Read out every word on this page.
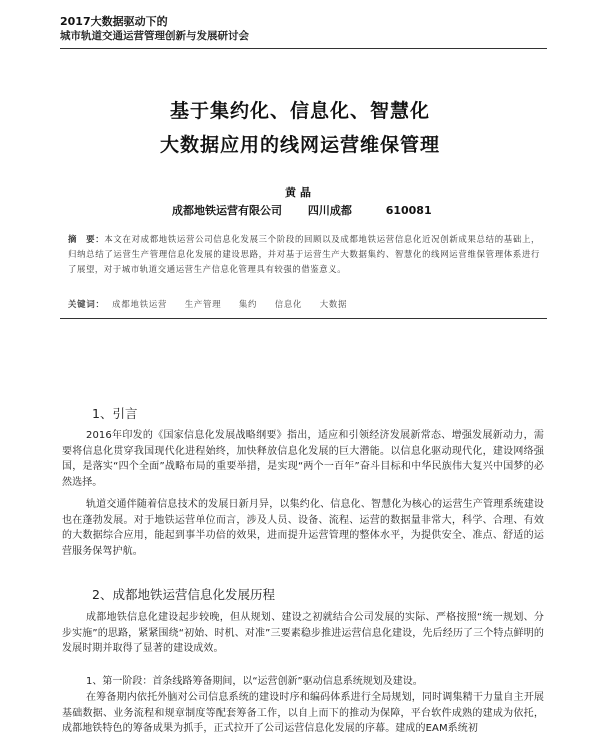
2017大数据驱动下的
城市轨道交通运营管理创新与发展研讨会
基于集约化、信息化、智慧化
大数据应用的线网运营维保管理
黄晶
成都地铁运营有限公司 四川成都	610081
摘　要：本文在对成都地铁运营公司信息化发展三个阶段的回顾以及成都地铁运营信息化近况创新成果总结的基础上，归纳总结了运营生产管理信息化发展的建设思路，并对基于运营生产大数据集约、智慧化的线网运营维保管理体系进行了展望，对于城市轨道交通运营生产信息化管理具有较强的借鉴意义。
关键词： 成都地铁运营 生产管理 集约 信息化 大数据
1、引言
2016年印发的《国家信息化发展战略纲要》指出，适应和引领经济发展新常态、增强发展新动力，需要将信息化贯穿我国现代化进程始终，加快释放信息化发展的巨大潜能。以信息化驱动现代化，建设网络强国，是落实“四个全面”战略布局的重要举措，是实现“两个一百年”奋斗目标和中华民族伟大复兴中国梦的必然选择。
轨道交通伴随着信息技术的发展日新月异，以集约化、信息化、智慧化为核心的运营生产管理系统建设也在蓬勃发展。对于地铁运营单位而言，涉及人员、设备、流程、运营的数据量非常大，科学、合理、有效的大数据综合应用，能起到事半功倍的效果，进而提升运营管理的整体水平，为提供安全、准点、舒适的运营服务保驾护航。
2、成都地铁运营信息化发展历程
成都地铁信息化建设起步较晚，但从规划、建设之初就结合公司发展的实际、严格按照“统一规划、分步实施”的思路，紧紧围绕“初始、时机、对准”三要素稳步推进运营信息化建设，先后经历了三个特点鲜明的发展时期并取得了显著的建设成效。
1、第一阶段：首条线路筹备期间，以“运营创新”驱动信息系统规划及建设。
在筹备期内依托外脑对公司信息系统的建设时序和编码体系进行全局规划，同时调集精干力量自主开展基础数据、业务流程和规章制度等配套筹备工作，以自上而下的推动为保障，平台软件成熟的建成为依托，成都地铁特色的筹备成果为抓手，正式拉开了公司运营信息化发展的序幕。建成的EAM系统初
